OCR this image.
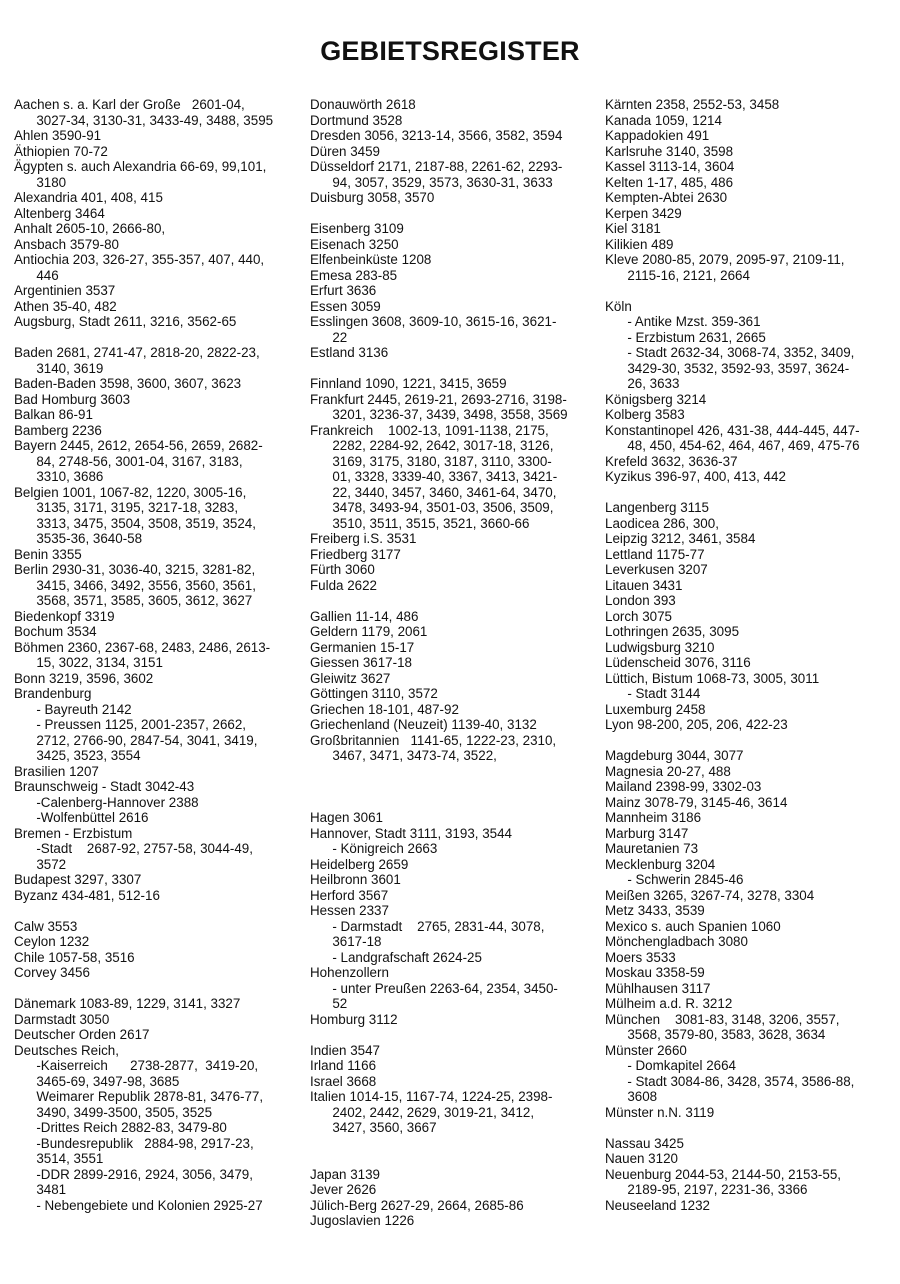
GEBIETSREGISTER
Aachen s. a. Karl der Große   2601-04,
3027-34, 3130-31, 3433-49, 3488, 3595
Ahlen 3590-91
Äthiopien 70-72
Ägypten s. auch Alexandria 66-69, 99,101,
3180
Alexandria 401, 408, 415
Altenberg 3464
Anhalt 2605-10, 2666-80,
Ansbach 3579-80
Antiochia 203, 326-27, 355-357, 407, 440,
446
Argentinien 3537
Athen 35-40, 482
Augsburg, Stadt 2611, 3216, 3562-65
Baden 2681, 2741-47, 2818-20, 2822-23,
3140, 3619
Baden-Baden 3598, 3600, 3607, 3623
Bad Homburg 3603
Balkan 86-91
Bamberg 2236
Bayern 2445, 2612, 2654-56, 2659, 2682-
84, 2748-56, 3001-04, 3167, 3183,
3310, 3686
Belgien 1001, 1067-82, 1220, 3005-16,
3135, 3171, 3195, 3217-18, 3283,
3313, 3475, 3504, 3508, 3519, 3524,
3535-36, 3640-58
Benin 3355
Berlin 2930-31, 3036-40, 3215, 3281-82,
3415, 3466, 3492, 3556, 3560, 3561,
3568, 3571, 3585, 3605, 3612, 3627
Biedenkopf 3319
Bochum 3534
Böhmen 2360, 2367-68, 2483, 2486, 2613-
15, 3022, 3134, 3151
Bonn 3219, 3596, 3602
Brandenburg
- Bayreuth 2142
- Preussen 1125, 2001-2357, 2662,
2712, 2766-90, 2847-54, 3041, 3419,
3425, 3523, 3554
Brasilien 1207
Braunschweig - Stadt 3042-43
-Calenberg-Hannover 2388
-Wolfenbüttel 2616
Bremen - Erzbistum
-Stadt    2687-92, 2757-58, 3044-49,
3572
Budapest 3297, 3307
Byzanz 434-481, 512-16
Calw 3553
Ceylon 1232
Chile 1057-58, 3516
Corvey 3456
Dänemark 1083-89, 1229, 3141, 3327
Darmstadt 3050
Deutscher Orden 2617
Deutsches Reich,
-Kaiserreich      2738-2877,  3419-20,
3465-69, 3497-98, 3685
Weimarer Republik 2878-81, 3476-77,
3490, 3499-3500, 3505, 3525
-Drittes Reich 2882-83, 3479-80
-Bundesrepublik   2884-98, 2917-23,
3514, 3551
-DDR 2899-2916, 2924, 3056, 3479,
3481
- Nebengebiete und Kolonien 2925-27
Donauwörth 2618
Dortmund 3528
Dresden 3056, 3213-14, 3566, 3582, 3594
Düren 3459
Düsseldorf 2171, 2187-88, 2261-62, 2293-
94, 3057, 3529, 3573, 3630-31, 3633
Duisburg 3058, 3570
Eisenberg 3109
Eisenach 3250
Elfenbeinküste 1208
Emesa 283-85
Erfurt 3636
Essen 3059
Esslingen 3608, 3609-10, 3615-16, 3621-
22
Estland 3136
Finnland 1090, 1221, 3415, 3659
Frankfurt 2445, 2619-21, 2693-2716, 3198-
3201, 3236-37, 3439, 3498, 3558, 3569
Frankreich    1002-13, 1091-1138, 2175,
2282, 2284-92, 2642, 3017-18, 3126,
3169, 3175, 3180, 3187, 3110, 3300-
01, 3328, 3339-40, 3367, 3413, 3421-
22, 3440, 3457, 3460, 3461-64, 3470,
3478, 3493-94, 3501-03, 3506, 3509,
3510, 3511, 3515, 3521, 3660-66
Freiberg i.S. 3531
Friedberg 3177
Fürth 3060
Fulda 2622
Gallien 11-14, 486
Geldern 1179, 2061
Germanien 15-17
Giessen 3617-18
Gleiwitz 3627
Göttingen 3110, 3572
Griechen 18-101, 487-92
Griechenland (Neuzeit) 1139-40, 3132
Großbritannien   1141-65, 1222-23, 2310,
3467, 3471, 3473-74, 3522,
Hagen 3061
Hannover, Stadt 3111, 3193, 3544
- Königreich 2663
Heidelberg 2659
Heilbronn 3601
Herford 3567
Hessen 2337
- Darmstadt    2765, 2831-44, 3078,
3617-18
- Landgrafschaft 2624-25
Hohenzollern
- unter Preußen 2263-64, 2354, 3450-
52
Homburg 3112
Indien 3547
Irland 1166
Israel 3668
Italien 1014-15, 1167-74, 1224-25, 2398-
2402, 2442, 2629, 3019-21, 3412,
3427, 3560, 3667
Japan 3139
Jever 2626
Jülich-Berg 2627-29, 2664, 2685-86
Jugoslavien 1226
Kärnten 2358, 2552-53, 3458
Kanada 1059, 1214
Kappadokien 491
Karlsruhe 3140, 3598
Kassel 3113-14, 3604
Kelten 1-17, 485, 486
Kempten-Abtei 2630
Kerpen 3429
Kiel 3181
Kilikien 489
Kleve 2080-85, 2079, 2095-97, 2109-11,
2115-16, 2121, 2664
Köln
- Antike Mzst. 359-361
- Erzbistum 2631, 2665
- Stadt 2632-34, 3068-74, 3352, 3409,
3429-30, 3532, 3592-93, 3597, 3624-
26, 3633
Königsberg 3214
Kolberg 3583
Konstantinopel 426, 431-38, 444-445, 447-
48, 450, 454-62, 464, 467, 469, 475-76
Krefeld 3632, 3636-37
Kyzikus 396-97, 400, 413, 442
Langenberg 3115
Laodicea 286, 300,
Leipzig 3212, 3461, 3584
Lettland 1175-77
Leverkusen 3207
Litauen 3431
London 393
Lorch 3075
Lothringen 2635, 3095
Ludwigsburg 3210
Lüdenscheid 3076, 3116
Lüttich, Bistum 1068-73, 3005, 3011
- Stadt 3144
Luxemburg 2458
Lyon 98-200, 205, 206, 422-23
Magdeburg 3044, 3077
Magnesia 20-27, 488
Mailand 2398-99, 3302-03
Mainz 3078-79, 3145-46, 3614
Mannheim 3186
Marburg 3147
Mauretanien 73
Mecklenburg 3204
- Schwerin 2845-46
Meißen 3265, 3267-74, 3278, 3304
Metz 3433, 3539
Mexico s. auch Spanien 1060
Mönchengladbach 3080
Moers 3533
Moskau 3358-59
Mühlhausen 3117
Mülheim a.d. R. 3212
München    3081-83, 3148, 3206, 3557,
3568, 3579-80, 3583, 3628, 3634
Münster 2660
- Domkapitel 2664
- Stadt 3084-86, 3428, 3574, 3586-88,
3608
Münster n.N. 3119
Nassau 3425
Nauen 3120
Neuenburg 2044-53, 2144-50, 2153-55,
2189-95, 2197, 2231-36, 3366
Neuseeland 1232
